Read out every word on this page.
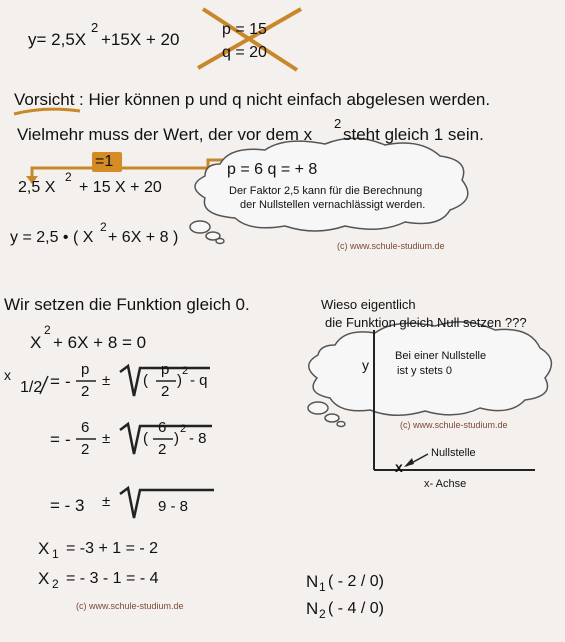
y= 2,5X
2
+15X + 20
p = 15
q = 20
Vorsicht : Hier können p und q nicht einfach abgelesen werden.
Vielmehr muss der Wert, der vor dem x
2
steht gleich 1 sein.
=1
2,5 X
2
+ 15 X + 20
y = 2,5 • ( X
2
+ 6X + 8 )
p = 6 q = + 8
Der Faktor 2,5 kann für die Berechnung
der Nullstellen vernachlässigt werden.
(c) www.schule-studium.de
Wir setzen die Funktion gleich 0.
X
2
+ 6X + 8 = 0
x
1/2 = -
p
2
± (
p
2
)
2
- q
= -
6
2
± (
6
2
)
2
- 8
= - 3 ±	9 - 8
X 1 = -3 + 1 = - 2
X 2 = - 3 - 1 = - 4	N 1 ( - 2 / 0)
N 2 ( - 4 / 0)
(c) www.schule-studium.de
Wieso eigentlich
die Funktion gleich Null setzen ???
Bei einer Nullstelle
ist y stets 0
(c) www.schule-studium.de
y
x- Achse
Nullstelle
x
